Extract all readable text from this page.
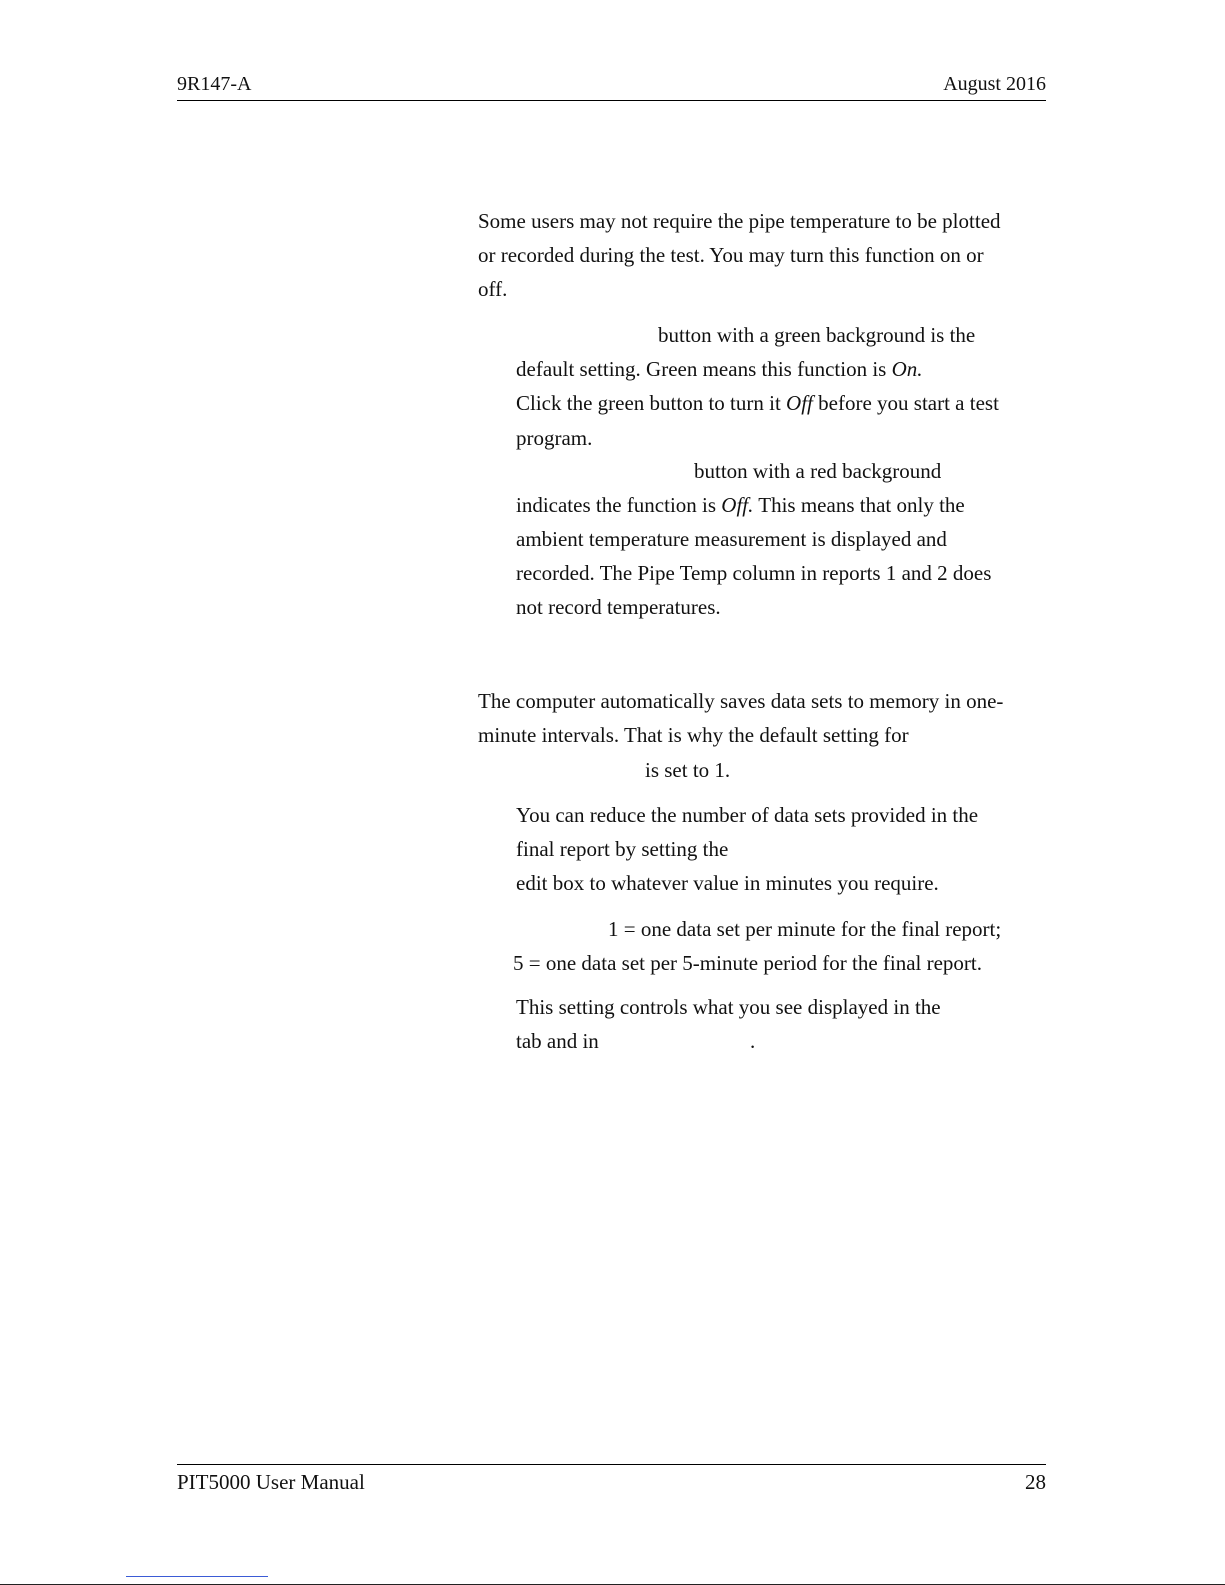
9R147-A	August 2016
Some users may not require the pipe temperature to be plotted
or recorded during the test. You may turn this function on or
off.
button with a green background is the
default setting. Green means this function is On.
Click the green button to turn it Off before you start a test
program.
button with a red background
indicates the function is Off. This means that only the
ambient temperature measurement is displayed and
recorded. The Pipe Temp column in reports 1 and 2 does
not record temperatures.
The computer automatically saves data sets to memory in one-
minute intervals. That is why the default setting for
is set to 1.
You can reduce the number of data sets provided in the
final report by setting the
edit box to whatever value in minutes you require.
1 = one data set per minute for the final report;
5 = one data set per 5-minute period for the final report.
This setting controls what you see displayed in the
tab and in	.
PIT5000 User Manual	28
